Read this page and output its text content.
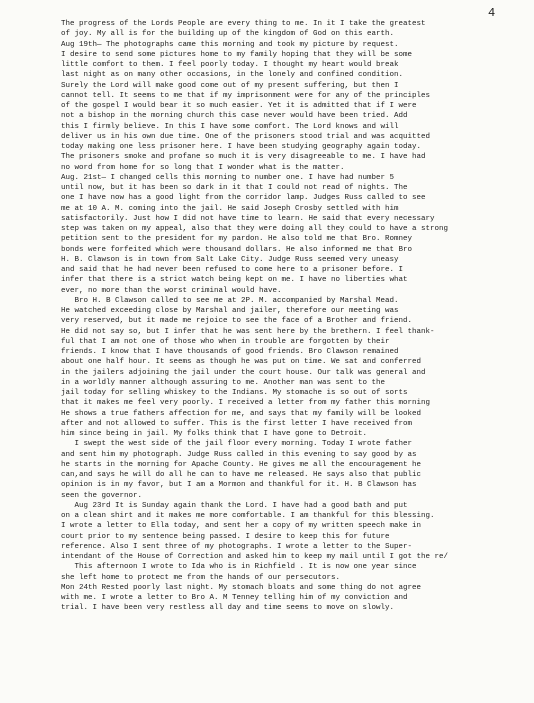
4
The progress of the Lords People are every thing to me. In it I take the greatest
of joy. My all is for the building up of the kingdom of God on this earth.
Aug 19th— The photographs came this morning and took my picture by request.
I desire to send some pictures home to my family hoping that they will be some
little comfort to them. I feel poorly today. I thought my heart would break
last night as on many other occasions, in the lonely and confined condition.
Surely the Lord will make good come out of my present suffering, but then I
cannot tell. It seems to me that if my imprisonment were for any of the principles
of the gospel I would bear it so much easier. Yet it is admitted that if I were
not a bishop in the morning church this case never would have been tried. Add
this I firmly believe. In this I have some comfort. The Lord knows and will
deliver us in his own due time. One of the prisoners stood trial and was acquitted
today making one less prisoner here. I have been studying geography again today.
The prisoners smoke and profane so much it is very disagreeable to me. I have had
no word from home for so long that I wonder what is the matter.
Aug. 21st— I changed cells this morning to number one. I have had number 5
until now, but it has been so dark in it that I could not read of nights. The
one I have now has a good light from the corridor lamp. Judges Russ called to see
me at 10 A. M. coming into the jail. He said Joseph Crosby settled with him
satisfactorily. Just how I did not have time to learn. He said that every necessary
step was taken on my appeal, also that they were doing all they could to have a strong
petition sent to the president for my pardon. He also told me that Bro. Romney
bonds were forfeited which were thousand dollars. He also informed me that Bro
H. B. Clawson is in town from Salt Lake City. Judge Russ seemed very uneasy
and said that he had never been refused to come here to a prisoner before. I
infer that there is a strict watch being kept on me. I have no liberties what
ever, no more than the worst criminal would have.
Bro H. B Clawson called to see me at 2P. M. accompanied by Marshal Mead.
He watched exceeding close by Marshal and jailer, therefore our meeting was
very reserved, but it made me rejoice to see the face of a Brother and friend.
He did not say so, but I infer that he was sent here by the brethern. I feel thank-
ful that I am not one of those who when in trouble are forgotten by their
friends. I know that I have thousands of good friends. Bro Clawson remained
about one half hour. It seems as though he was put on time. We sat and conferred
in the jailers adjoining the jail under the court house. Our talk was general and
in a worldly manner although assuring to me. Another man was sent to the
jail today for selling whiskey to the Indians. My stomache is so out of sorts
that it makes me feel very poorly. I received a letter from my father this morning
He shows a true fathers affection for me, and says that my family will be looked
after and not allowed to suffer. This is the first letter I have received from
him since being in jail. My folks think that I have gone to Detroit.
I swept the west side of the jail floor every morning. Today I wrote father
and sent him my photograph. Judge Russ called in this evening to say good by as
he starts in the morning for Apache County. He gives me all the encouragement he
can,and says he will do all he can to have me released. He says also that public
opinion is in my favor, but I am a Mormon and thankful for it. H. B Clawson has
seen the governor.
Aug 23rd It is Sunday again thank the Lord. I have had a good bath and put
on a clean shirt and it makes me more comfortable. I am thankful for this blessing.
I wrote a letter to Ella today, and sent her a copy of my written speech make in
court prior to my sentence being passed. I desire to keep this for future
reference. Also I sent three of my photographs. I wrote a letter to the Super-
intendant of the House of Correction and asked him to keep my mail until I got the re/
This afternoon I wrote to Ida who is in Richfield . It is now one year since
she left home to protect me from the hands of our persecutors.
Mon 24th Rested poorly last night. My stomach bloats and some thing do not agree
with me. I wrote a letter to Bro A. M Tenney telling him of my conviction and
trial. I have been very restless all day and time seems to move on slowly.
